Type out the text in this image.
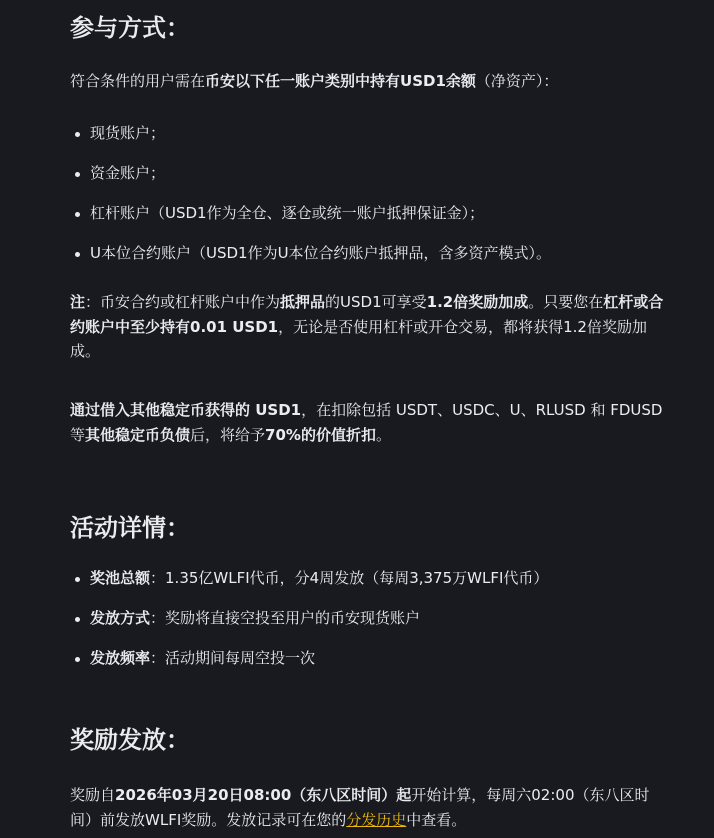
参与方式：

符合条件的用户需在币安以下任一账户类别中持有USD1余额（净资产）：

现货账户；
资金账户；
杠杆账户（USD1作为全仓、逐仓或统一账户抵押保证金）；
U本位合约账户（USD1作为U本位合约账户抵押品，含多资产模式）。

注：币安合约或杠杆账户中作为抵押品的USD1可享受1.2倍奖励加成。只要您在杠杆或合约账户中至少持有0.01 USD1，无论是否使用杠杆或开仓交易，都将获得1.2倍奖励加成。

通过借入其他稳定币获得的 USD1，在扣除包括 USDT、USDC、U、RLUSD 和 FDUSD 等其他稳定币负债后，将给予70%的价值折扣。

活动详情：
奖池总额：1.35亿WLFI代币，分4周发放（每周3,375万WLFI代币）
发放方式：奖励将直接空投至用户的币安现货账户
发放频率：活动期间每周空投一次
奖励发放：

奖励自2026年03月20日08:00（东八区时间）起开始计算，每周六02:00（东八区时间）前发放WLFI奖励。发放记录可在您的分发历史中查看。
